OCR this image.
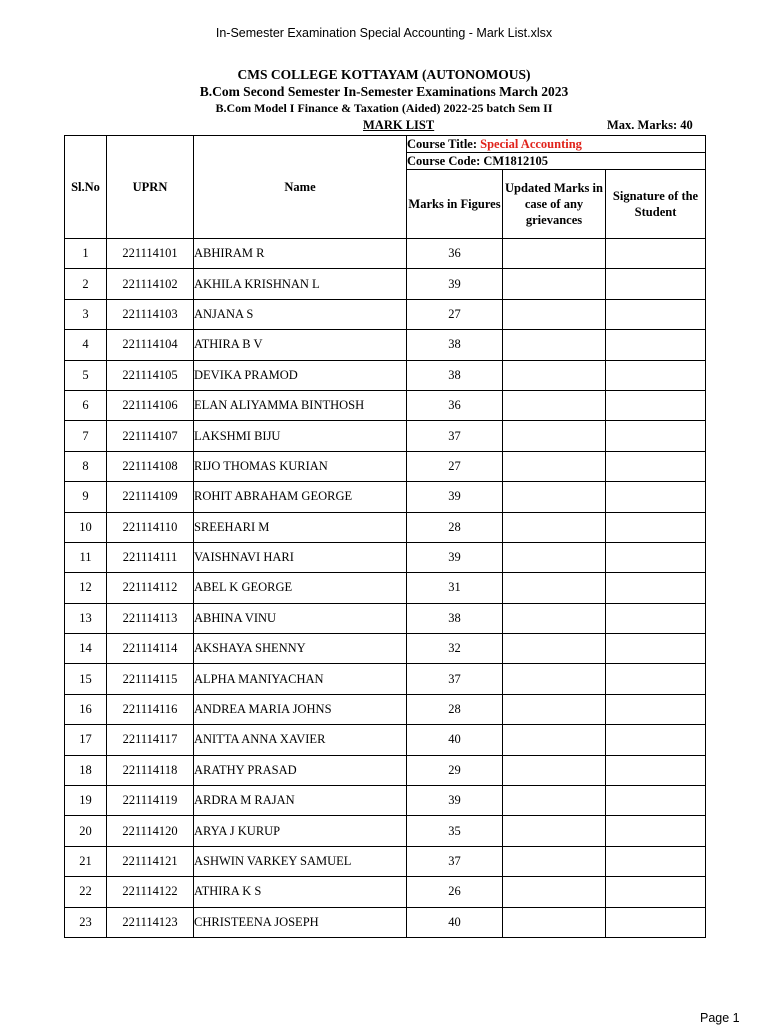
In-Semester Examination Special Accounting - Mark List.xlsx
CMS COLLEGE KOTTAYAM (AUTONOMOUS)
B.Com Second Semester In-Semester Examinations March 2023
B.Com Model I Finance & Taxation (Aided) 2022-25 batch Sem II
MARK LIST	Max. Marks: 40
Sl.No	UPRN	Name	Course Title: Special Accounting		
			Course Code: CM1812105		
			Marks in Figures	Updated Marks in case of any grievances	Signature of the Student
1	221114101	ABHIRAM R	36		
2	221114102	AKHILA KRISHNAN L	39		
3	221114103	ANJANA S	27		
4	221114104	ATHIRA B V	38		
5	221114105	DEVIKA PRAMOD	38		
6	221114106	ELAN ALIYAMMA BINTHOSH	36		
7	221114107	LAKSHMI BIJU	37		
8	221114108	RIJO THOMAS KURIAN	27		
9	221114109	ROHIT ABRAHAM GEORGE	39		
10	221114110	SREEHARI M	28		
11	221114111	VAISHNAVI HARI	39		
12	221114112	ABEL K GEORGE	31		
13	221114113	ABHINA VINU	38		
14	221114114	AKSHAYA SHENNY	32		
15	221114115	ALPHA MANIYACHAN	37		
16	221114116	ANDREA MARIA JOHNS	28		
17	221114117	ANITTA ANNA XAVIER	40		
18	221114118	ARATHY PRASAD	29		
19	221114119	ARDRA M RAJAN	39		
20	221114120	ARYA J KURUP	35		
21	221114121	ASHWIN VARKEY SAMUEL	37		
22	221114122	ATHIRA K S	26		
23	221114123	CHRISTEENA JOSEPH	40		
Page 1
